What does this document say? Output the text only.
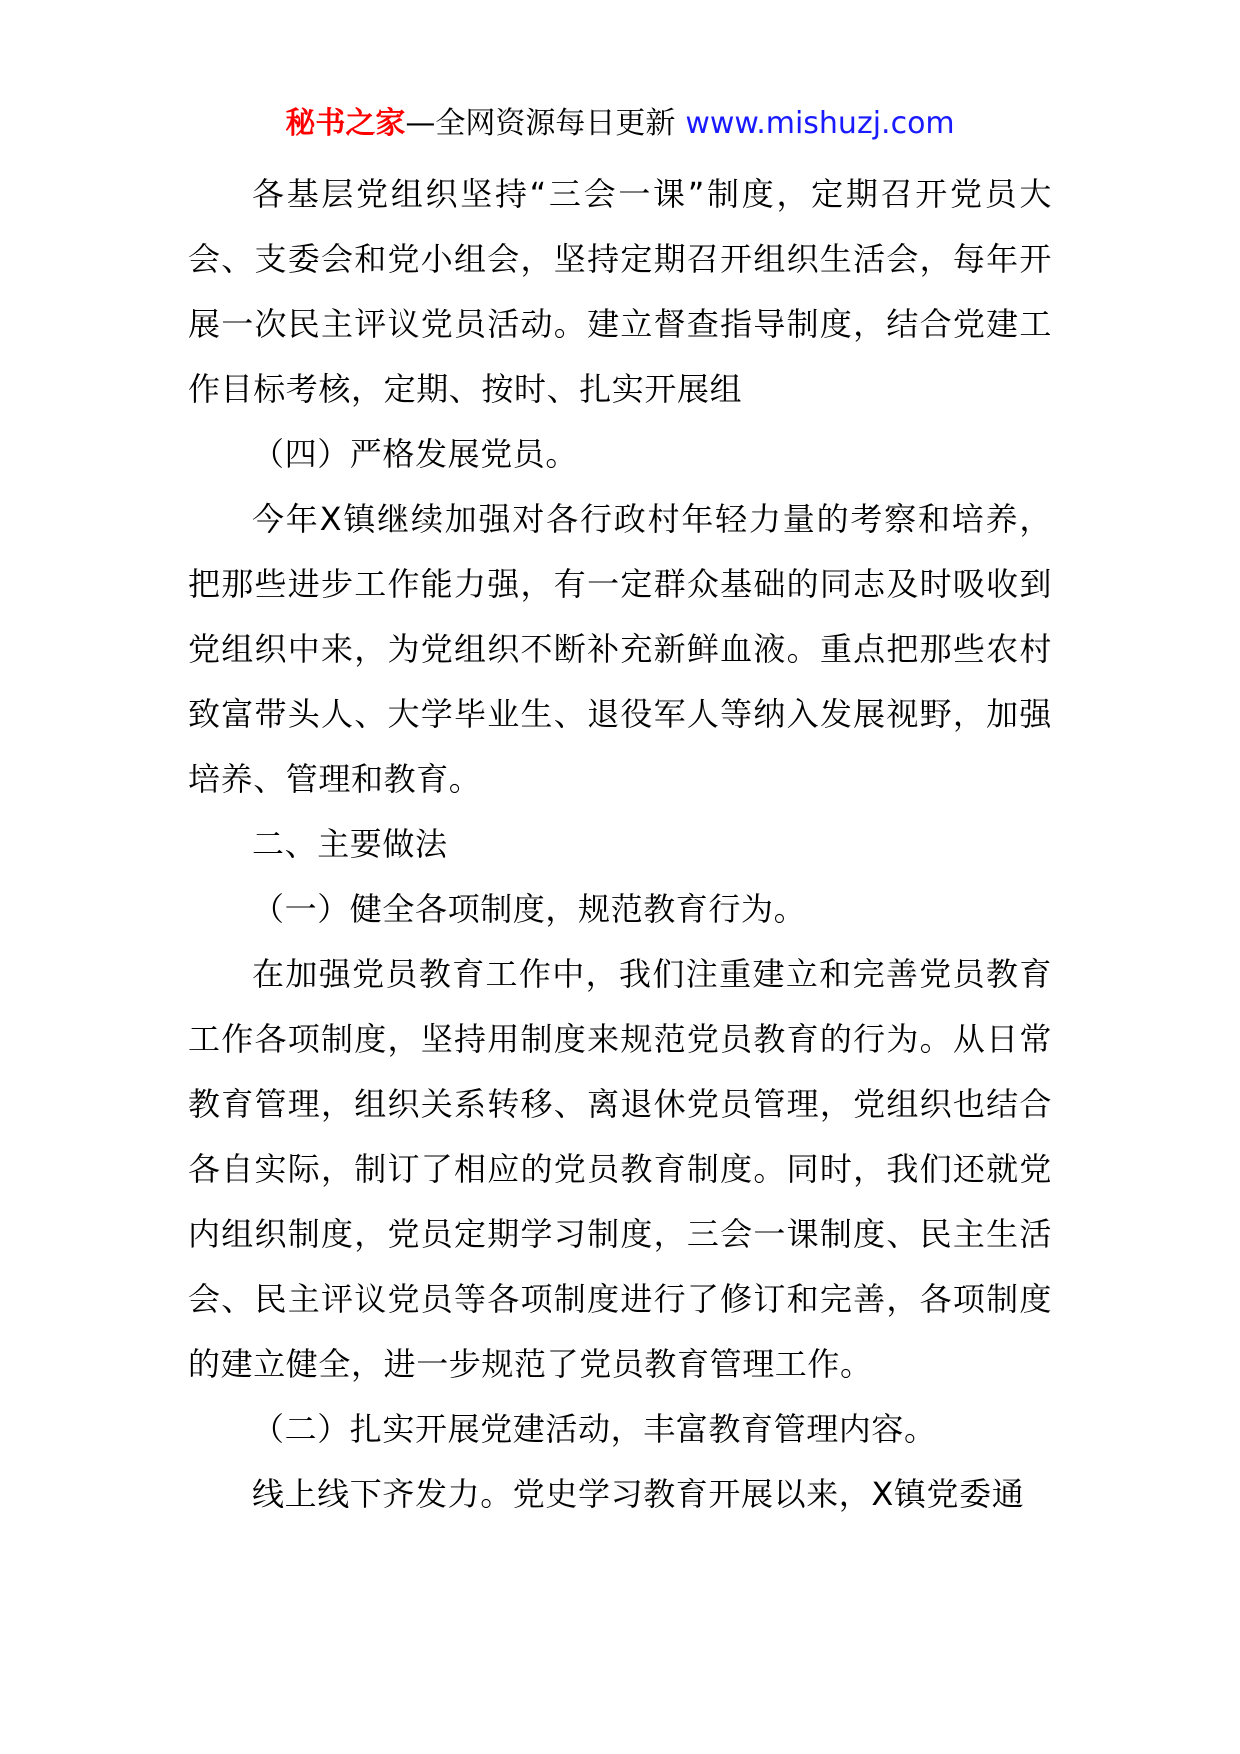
秘书之家—全网资源每日更新 www.mishuzj.com

各基层党组织坚持“三会一课”制度，定期召开党员大会、支委会和党小组会，坚持定期召开组织生活会，每年开展一次民主评议党员活动。建立督查指导制度，结合党建工作目标考核，定期、按时、扎实开展组

（四）严格发展党员。

今年X镇继续加强对各行政村年轻力量的考察和培养，把那些进步工作能力强，有一定群众基础的同志及时吸收到党组织中来，为党组织不断补充新鲜血液。重点把那些农村致富带头人、大学毕业生、退役军人等纳入发展视野，加强培养、管理和教育。

二、主要做法

（一）健全各项制度，规范教育行为。

在加强党员教育工作中，我们注重建立和完善党员教育工作各项制度，坚持用制度来规范党员教育的行为。从日常教育管理，组织关系转移、离退休党员管理，党组织也结合各自实际，制订了相应的党员教育制度。同时，我们还就党内组织制度，党员定期学习制度，三会一课制度、民主生活会、民主评议党员等各项制度进行了修订和完善，各项制度的建立健全，进一步规范了党员教育管理工作。

（二）扎实开展党建活动，丰富教育管理内容。

线上线下齐发力。党史学习教育开展以来，X镇党委通
